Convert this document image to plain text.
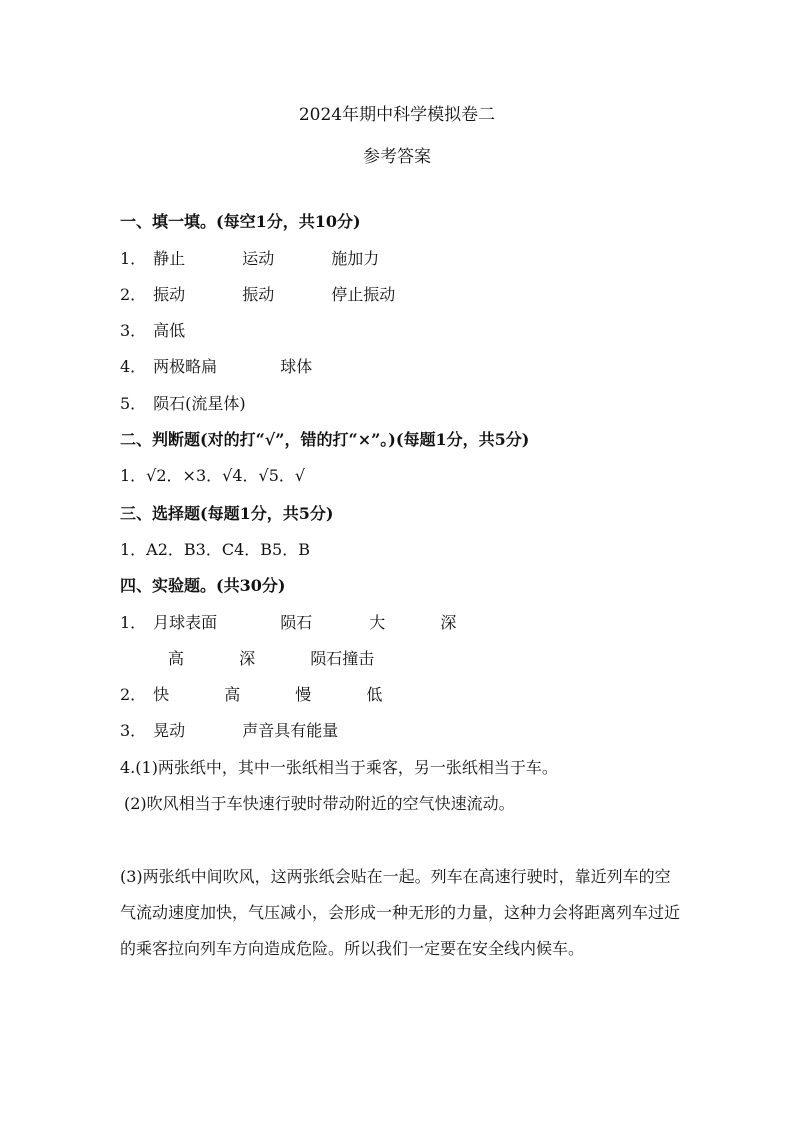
2024年期中科学模拟卷二
参考答案
一、填一填。(每空1分，共10分)
1． 静止	运动	施加力
2． 振动	振动	停止振动
3． 高低
4． 两极略扁	球体
5． 陨石(流星体)
二、判断题(对的打“√”，错的打“×”。)(每题1分，共5分)
1．√2．×3．√4．√5．√
三、选择题(每题1分，共5分)
1．A2．B3．C4．B5．B
四、实验题。(共30分)
1． 月球表面	陨石	大	深
高	深	陨石撞击
2． 快	高	慢	低
3． 晃动	声音具有能量
4.(1)两张纸中，其中一张纸相当于乘客，另一张纸相当于车。
(2)吹风相当于车快速行驶时带动附近的空气快速流动。
(3)两张纸中间吹风，这两张纸会贴在一起。列车在高速行驶时，靠近列车的空气流动速度加快，气压减小，会形成一种无形的力量，这种力会将距离列车过近的乘客拉向列车方向造成危险。所以我们一定要在安全线内候车。
